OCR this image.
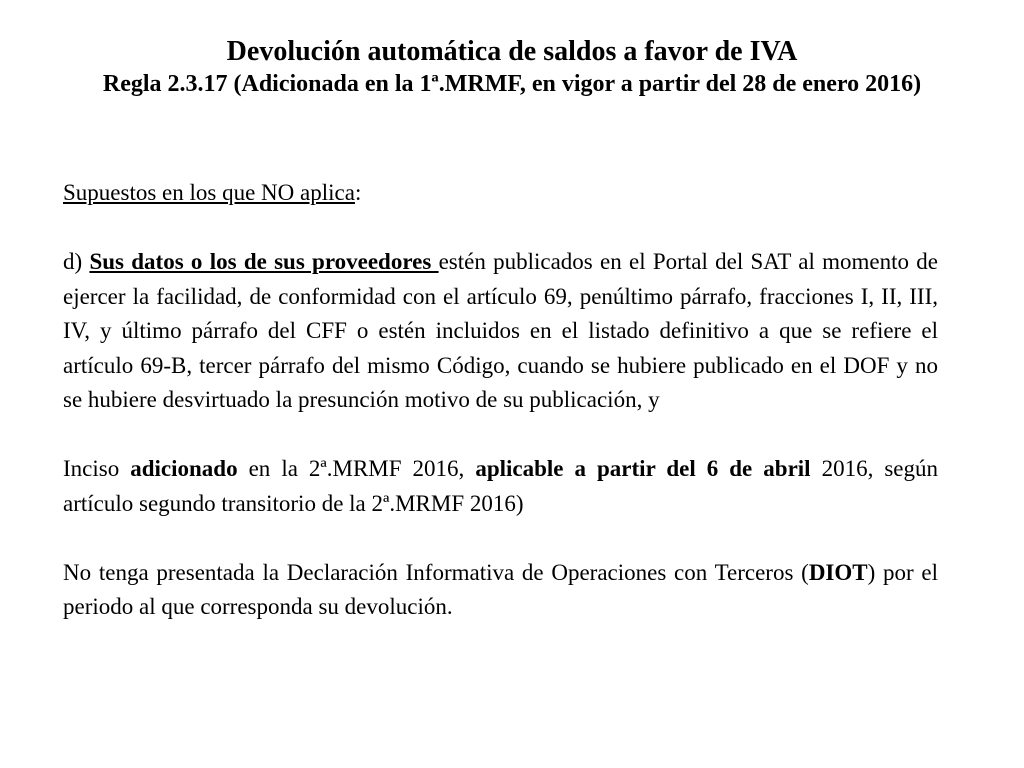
Devolución automática de saldos a favor de IVA
Regla 2.3.17 (Adicionada en la 1ª.MRMF, en vigor a partir del 28 de enero 2016)

Supuestos en los que NO aplica:

d) Sus datos o los de sus proveedores estén publicados en el Portal del SAT al momento de ejercer la facilidad, de conformidad con el artículo 69, penúltimo párrafo, fracciones I, II, III, IV, y último párrafo del CFF o estén incluidos en el listado definitivo a que se refiere el artículo 69-B, tercer párrafo del mismo Código, cuando se hubiere publicado en el DOF y no se hubiere desvirtuado la presunción motivo de su publicación, y

Inciso adicionado en la 2ª.MRMF 2016, aplicable a partir del 6 de abril 2016, según artículo segundo transitorio de la 2ª.MRMF 2016)

No tenga presentada la Declaración Informativa de Operaciones con Terceros (DIOT) por el periodo al que corresponda su devolución.
